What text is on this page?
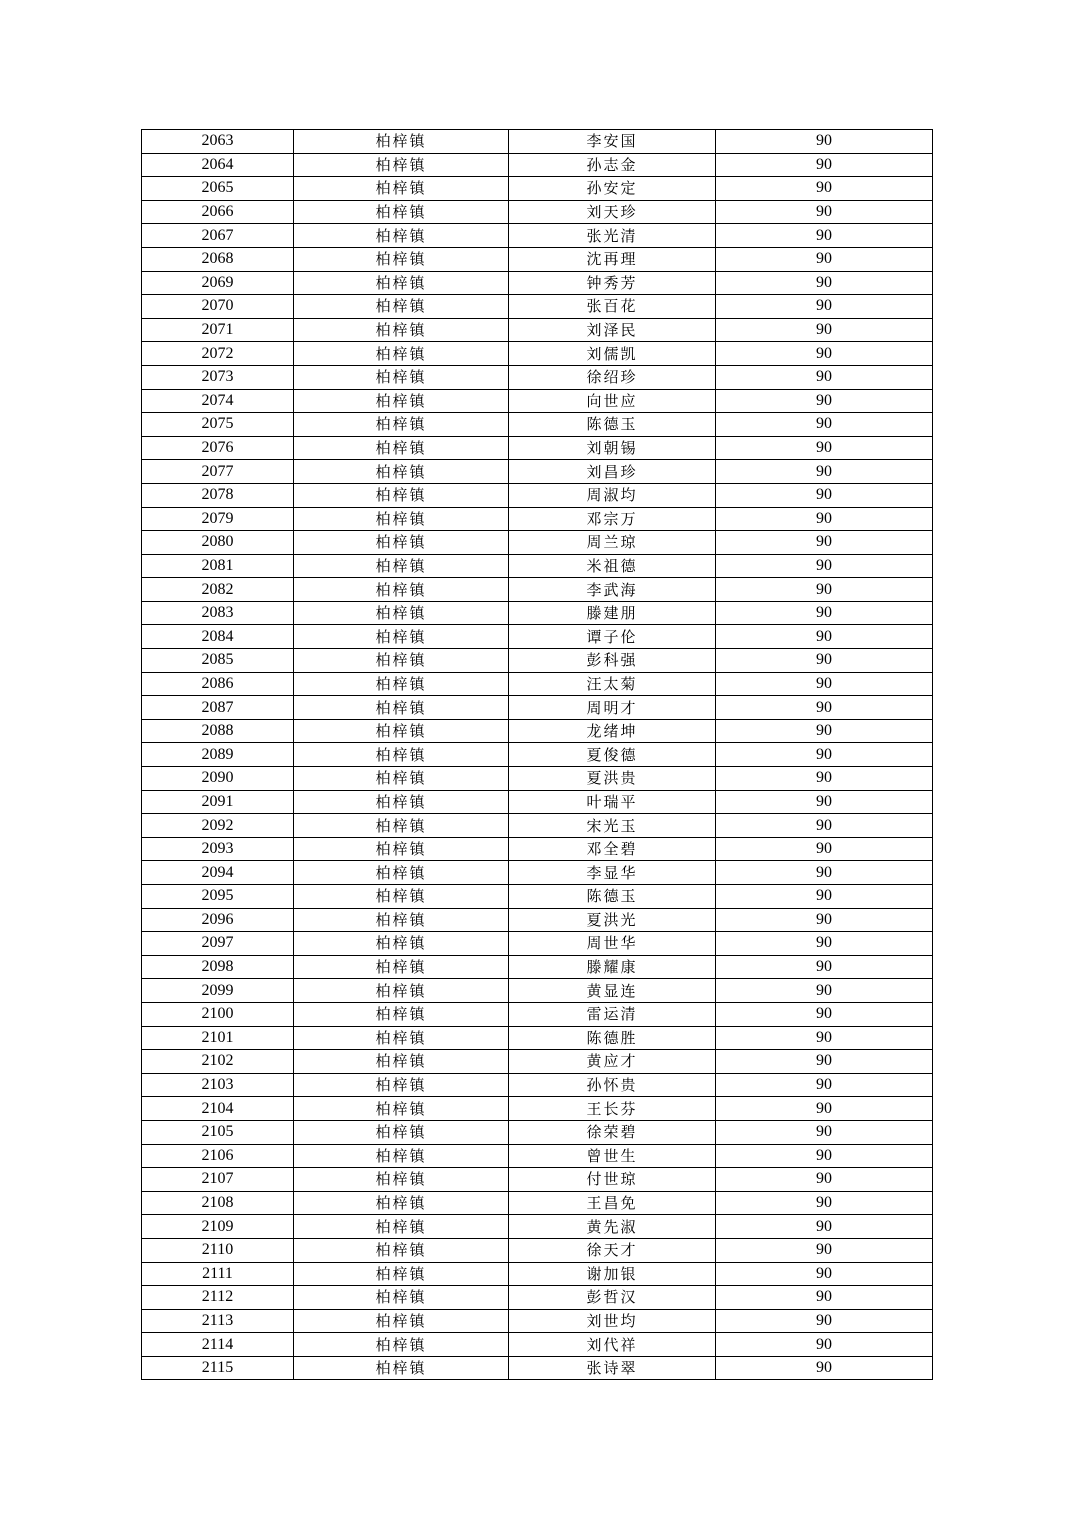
2063	柏梓镇	李安国	90
2064	柏梓镇	孙志金	90
2065	柏梓镇	孙安定	90
2066	柏梓镇	刘天珍	90
2067	柏梓镇	张光清	90
2068	柏梓镇	沈再理	90
2069	柏梓镇	钟秀芳	90
2070	柏梓镇	张百花	90
2071	柏梓镇	刘泽民	90
2072	柏梓镇	刘儒凯	90
2073	柏梓镇	徐绍珍	90
2074	柏梓镇	向世应	90
2075	柏梓镇	陈德玉	90
2076	柏梓镇	刘朝锡	90
2077	柏梓镇	刘昌珍	90
2078	柏梓镇	周淑均	90
2079	柏梓镇	邓宗万	90
2080	柏梓镇	周兰琼	90
2081	柏梓镇	米祖德	90
2082	柏梓镇	李武海	90
2083	柏梓镇	滕建朋	90
2084	柏梓镇	谭子伦	90
2085	柏梓镇	彭科强	90
2086	柏梓镇	汪太菊	90
2087	柏梓镇	周明才	90
2088	柏梓镇	龙绪坤	90
2089	柏梓镇	夏俊德	90
2090	柏梓镇	夏洪贵	90
2091	柏梓镇	叶瑞平	90
2092	柏梓镇	宋光玉	90
2093	柏梓镇	邓全碧	90
2094	柏梓镇	李显华	90
2095	柏梓镇	陈德玉	90
2096	柏梓镇	夏洪光	90
2097	柏梓镇	周世华	90
2098	柏梓镇	滕耀康	90
2099	柏梓镇	黄显连	90
2100	柏梓镇	雷运清	90
2101	柏梓镇	陈德胜	90
2102	柏梓镇	黄应才	90
2103	柏梓镇	孙怀贵	90
2104	柏梓镇	王长芬	90
2105	柏梓镇	徐荣碧	90
2106	柏梓镇	曾世生	90
2107	柏梓镇	付世琼	90
2108	柏梓镇	王昌免	90
2109	柏梓镇	黄先淑	90
2110	柏梓镇	徐天才	90
2111	柏梓镇	谢加银	90
2112	柏梓镇	彭哲汉	90
2113	柏梓镇	刘世均	90
2114	柏梓镇	刘代祥	90
2115	柏梓镇	张诗翠	90
